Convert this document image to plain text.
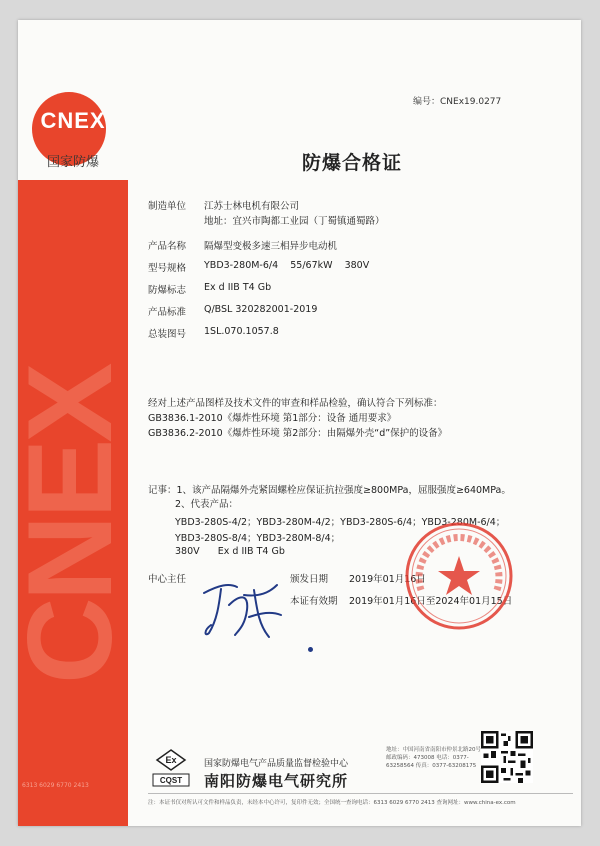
CNEX
国家防爆
CNEX
6313 6029 6770 2413
编号：CNEx19.0277
防爆合格证
制造单位 江苏士林电机有限公司
地址：宜兴市陶都工业园（丁蜀镇通蜀路）
产品名称 隔爆型变极多速三相异步电动机
型号规格 YBD3-280M-6/4    55/67kW    380V
防爆标志 Ex d IIB T4 Gb
产品标准 Q/BSL 320282001-2019
总装图号 1SL.070.1057.8
经对上述产品图样及技术文件的审查和样品检验，确认符合下列标准：
GB3836.1-2010《爆炸性环境 第1部分：设备 通用要求》
GB3836.2-2010《爆炸性环境 第2部分：由隔爆外壳“d”保护的设备》
记事：1、该产品隔爆外壳紧固螺栓应保证抗拉强度≥800MPa，屈服强度≥640MPa。
2、代表产品：
YBD3-280S-4/2；YBD3-280M-4/2；YBD3-280S-6/4；YBD3-280M-6/4；
YBD3-280S-8/4；YBD3-280M-8/4；
380V      Ex d IIB T4 Gb
中心主任	颁发日期 2019年01月16日
本证有效期 2019年01月16日至2024年01月15日
Ex
CQST
国家防爆电气产品质量监督检验中心
南阳防爆电气研究所
地址：中国河南省南阳市仲景北路20号 邮政编码：473008 电话：0377-63258564 传真：0377-63208175
注：本证书仅对所认可文件和样品负责，未经本中心许可，复印件无效；全国统一查询电话：6313 6029 6770 2413 查询网址：www.china-ex.com
